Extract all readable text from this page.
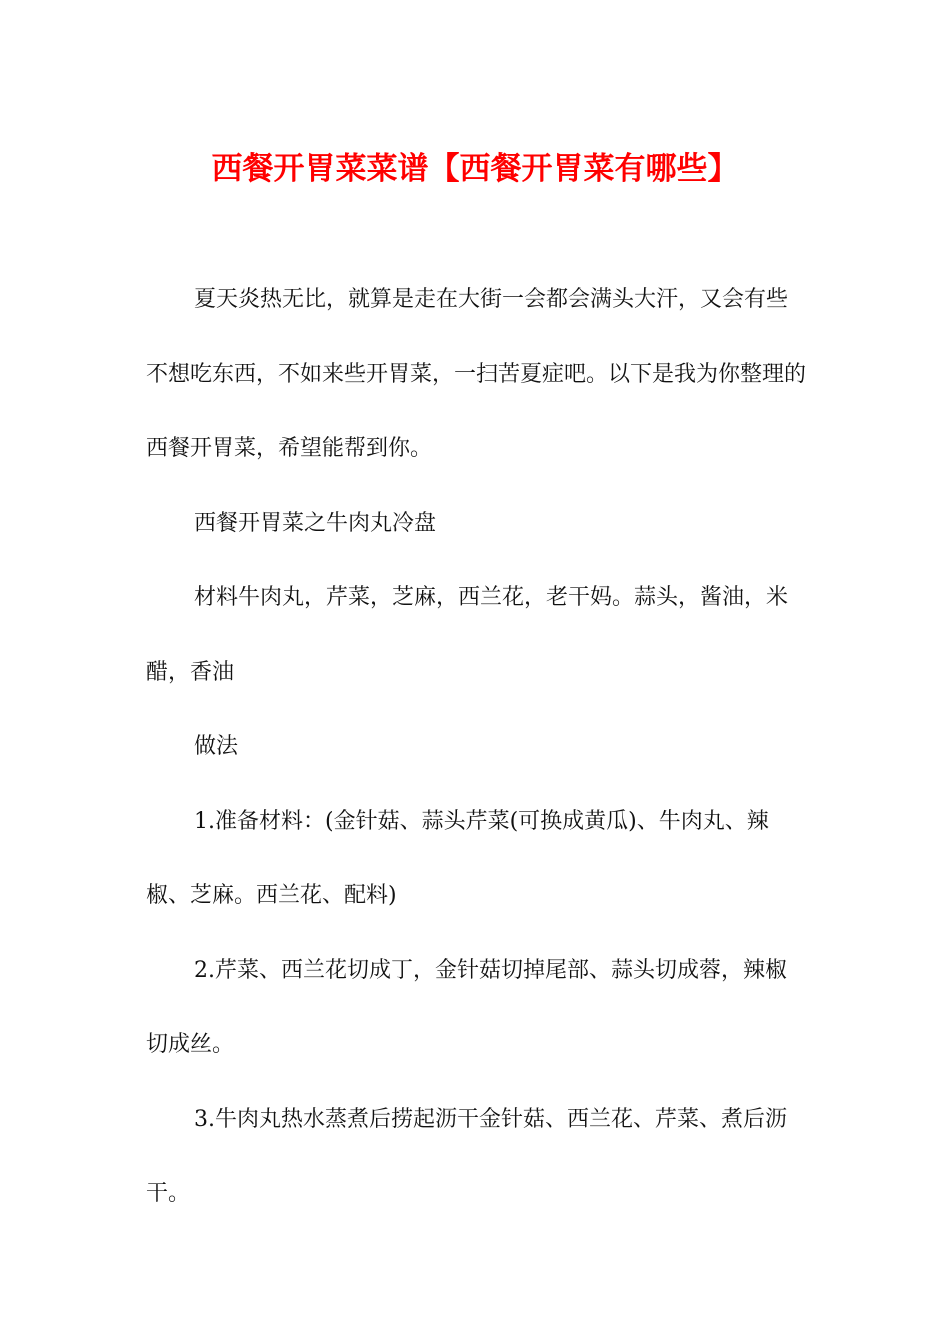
西餐开胃菜菜谱【西餐开胃菜有哪些】

夏天炎热无比，就算是走在大街一会都会满头大汗，又会有些不想吃东西，不如来些开胃菜，一扫苦夏症吧。以下是我为你整理的西餐开胃菜，希望能帮到你。

西餐开胃菜之牛肉丸冷盘

材料牛肉丸，芹菜，芝麻，西兰花，老干妈。蒜头，酱油，米醋，香油

做法

1.准备材料：(金针菇、蒜头芹菜(可换成黄瓜)、牛肉丸、辣椒、芝麻。西兰花、配料)

2.芹菜、西兰花切成丁，金针菇切掉尾部、蒜头切成蓉，辣椒切成丝。

3.牛肉丸热水蒸煮后捞起沥干金针菇、西兰花、芹菜、煮后沥干。
